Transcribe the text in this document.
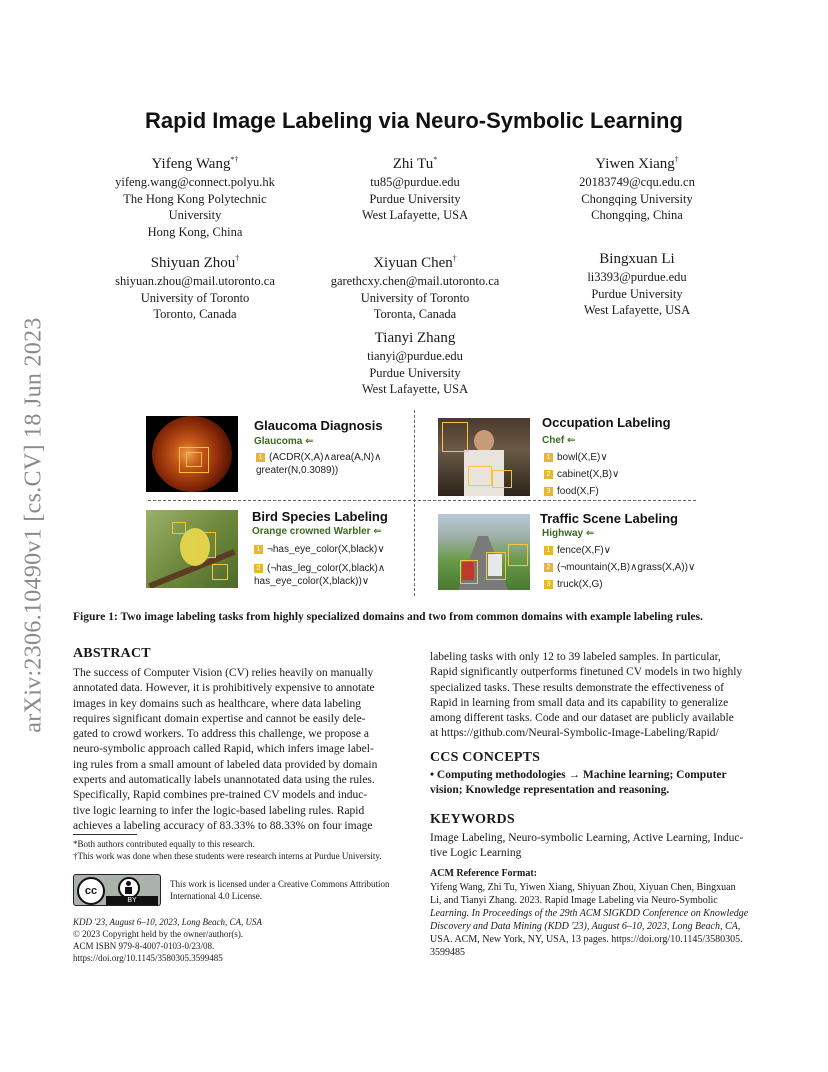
arXiv:2306.10490v1 [cs.CV] 18 Jun 2023
Rapid Image Labeling via Neuro-Symbolic Learning
Yifeng Wang*†
yifeng.wang@connect.polyu.hk
The Hong Kong Polytechnic
University
Hong Kong, China
Zhi Tu*
tu85@purdue.edu
Purdue University
West Lafayette, USA
Yiwen Xiang†
20183749@cqu.edu.cn
Chongqing University
Chongqing, China
Shiyuan Zhou†
shiyuan.zhou@mail.utoronto.ca
University of Toronto
Toronto, Canada
Xiyuan Chen†
garethcxy.chen@mail.utoronto.ca
University of Toronto
Toronta, Canada
Bingxuan Li
li3393@purdue.edu
Purdue University
West Lafayette, USA
Tianyi Zhang
tianyi@purdue.edu
Purdue University
West Lafayette, USA
Glaucoma Diagnosis
Glaucoma ⇐
1 (ACDR(X,A)∧area(A,N)∧ greater(N,0.3089))
Occupation Labeling
Chef ⇐
1 bowl(X,E)∨
2 cabinet(X,B)∨
3 food(X,F)
Bird Species Labeling
Orange crowned Warbler ⇐
1 ¬has_eye_color(X,black)∨
2 (¬has_leg_color(X,black)∧ has_eye_color(X,black))∨
Traffic Scene Labeling
Highway ⇐
1 fence(X,F)∨
2 (¬mountain(X,B)∧grass(X,A))∨
3 truck(X,G)
Figure 1: Two image labeling tasks from highly specialized domains and two from common domains with example labeling rules.
ABSTRACT
The success of Computer Vision (CV) relies heavily on manually
annotated data. However, it is prohibitively expensive to annotate
images in key domains such as healthcare, where data labeling
requires significant domain expertise and cannot be easily dele-
gated to crowd workers. To address this challenge, we propose a
neuro-symbolic approach called Rapid, which infers image label-
ing rules from a small amount of labeled data provided by domain
experts and automatically labels unannotated data using the rules.
Specifically, Rapid combines pre-trained CV models and induc-
tive logic learning to infer the logic-based labeling rules. Rapid
achieves a labeling accuracy of 83.33% to 88.33% on four image
*Both authors contributed equally to this research.
†This work was done when these students were research interns at Purdue University.
cc
BY
This work is licensed under a Creative Commons Attribution
International 4.0 License.
KDD '23, August 6–10, 2023, Long Beach, CA, USA
© 2023 Copyright held by the owner/author(s).
ACM ISBN 979-8-4007-0103-0/23/08.
https://doi.org/10.1145/3580305.3599485
labeling tasks with only 12 to 39 labeled samples. In particular,
Rapid significantly outperforms finetuned CV models in two highly
specialized tasks. These results demonstrate the effectiveness of
Rapid in learning from small data and its capability to generalize
among different tasks. Code and our dataset are publicly available
at https://github.com/Neural-Symbolic-Image-Labeling/Rapid/
CCS CONCEPTS
• Computing methodologies → Machine learning; Computer
vision; Knowledge representation and reasoning.
KEYWORDS
Image Labeling, Neuro-symbolic Learning, Active Learning, Induc-
tive Logic Learning
ACM Reference Format:
Yifeng Wang, Zhi Tu, Yiwen Xiang, Shiyuan Zhou, Xiyuan Chen, Bingxuan
Li, and Tianyi Zhang. 2023. Rapid Image Labeling via Neuro-Symbolic
Learning. In Proceedings of the 29th ACM SIGKDD Conference on Knowledge
Discovery and Data Mining (KDD '23), August 6–10, 2023, Long Beach, CA,
USA. ACM, New York, NY, USA, 13 pages. https://doi.org/10.1145/3580305.
3599485
